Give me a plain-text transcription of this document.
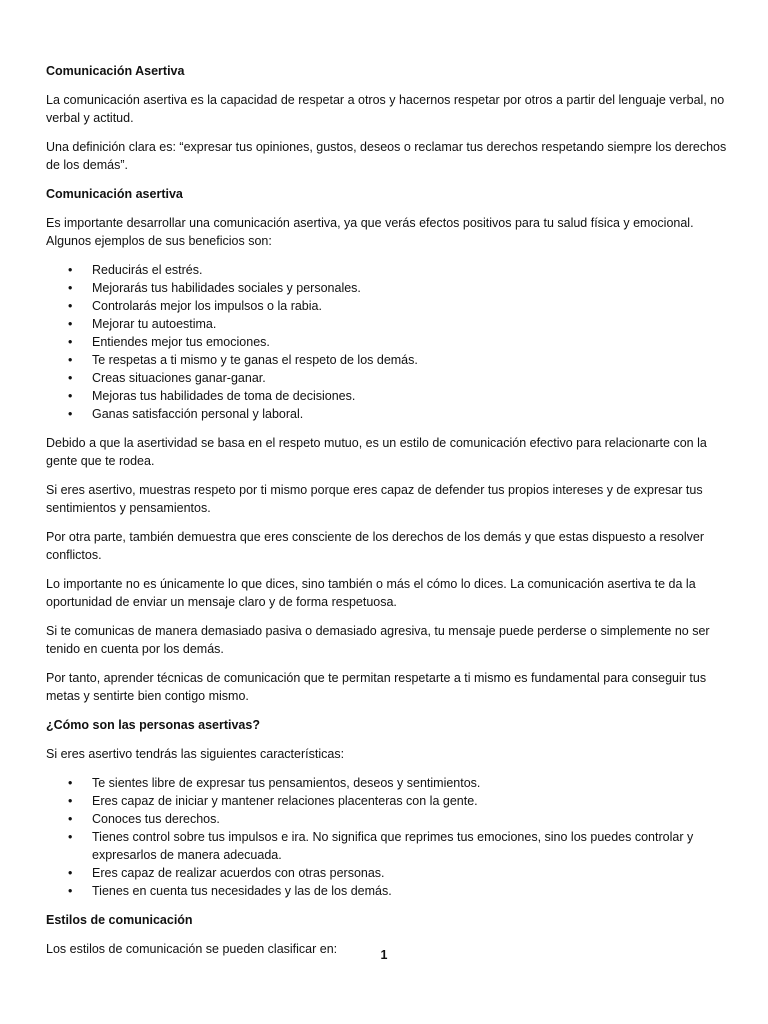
Comunicación Asertiva

La comunicación asertiva es la capacidad de respetar a otros y hacernos respetar por otros a partir del lenguaje verbal, no verbal y actitud.

Una definición clara es: “expresar tus opiniones, gustos, deseos o reclamar tus derechos respetando siempre los derechos de los demás”.

Comunicación asertiva

Es importante desarrollar una comunicación asertiva, ya que verás efectos positivos para tu salud física y emocional. Algunos ejemplos de sus beneficios son:

• Reducirás el estrés.
• Mejorarás tus habilidades sociales y personales.
• Controlarás mejor los impulsos o la rabia.
• Mejorar tu autoestima.
• Entiendes mejor tus emociones.
• Te respetas a ti mismo y te ganas el respeto de los demás.
• Creas situaciones ganar-ganar.
• Mejoras tus habilidades de toma de decisiones.
• Ganas satisfacción personal y laboral.

Debido a que la asertividad se basa en el respeto mutuo, es un estilo de comunicación efectivo para relacionarte con la gente que te rodea.

Si eres asertivo, muestras respeto por ti mismo porque eres capaz de defender tus propios intereses y de expresar tus sentimientos y pensamientos.

Por otra parte, también demuestra que eres consciente de los derechos de los demás y que estas dispuesto a resolver conflictos.

Lo importante no es únicamente lo que dices, sino también o más el cómo lo dices. La comunicación asertiva te da la oportunidad de enviar un mensaje claro y de forma respetuosa.

Si te comunicas de manera demasiado pasiva o demasiado agresiva, tu mensaje puede perderse o simplemente no ser tenido en cuenta por los demás.

Por tanto, aprender técnicas de comunicación que te permitan respetarte a ti mismo es fundamental para conseguir tus metas y sentirte bien contigo mismo.

¿Cómo son las personas asertivas?

Si eres asertivo tendrás las siguientes características:

• Te sientes libre de expresar tus pensamientos, deseos y sentimientos.
• Eres capaz de iniciar y mantener relaciones placenteras con la gente.
• Conoces tus derechos.
• Tienes control sobre tus impulsos e ira. No significa que reprimes tus emociones, sino los puedes controlar y expresarlos de manera adecuada.
• Eres capaz de realizar acuerdos con otras personas.
• Tienes en cuenta tus necesidades y las de los demás.
Estilos de comunicación

Los estilos de comunicación se pueden clasificar en:	1
